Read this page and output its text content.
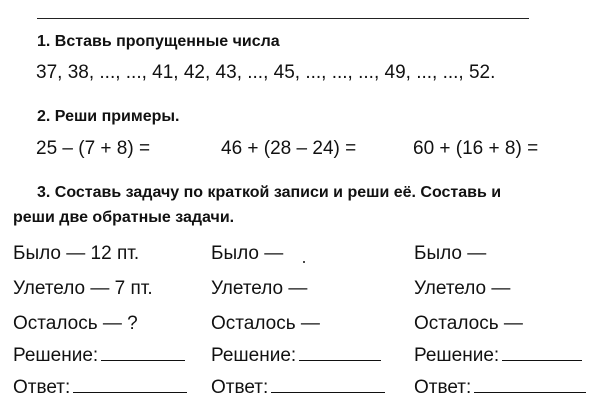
1. Вставь пропущенные числа
37, 38, ..., ..., 41, 42, 43, ..., 45, ..., ..., ..., 49, ..., ..., 52.
2. Реши примеры.
25 – (7 + 8) =	46 + (28 – 24) =	60 + (16 + 8) =
3. Составь задачу по краткой записи и реши её. Составь и
реши две обратные задачи.
Было — 12 пт.
Улетело — 7 пт.
Осталось — ?
Решение:
Ответ:
Было —
Улетело —
Осталось —
Решение:
Ответ:
Было —
Улетело —
Осталось —
Решение:
Ответ:
